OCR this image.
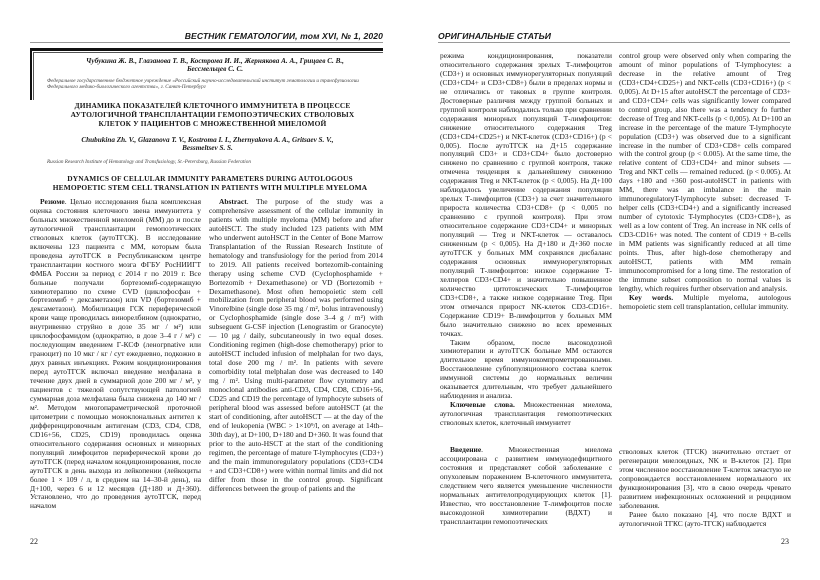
ВЕСТНИК ГЕМАТОЛОГИИ, том XVI, № 1, 2020
Чубукина Ж. В., Глазанова Т. В., Кострома И. И., Жернякова А. А., Грицаев С. В., Бессмельцев С. С.
Федеральное государственное бюджетное учреждение «Российский научно-исследовательский институт гематологии и трансфузиологии Федерального медико-биологического агентства», г. Санкт-Петербург
ДИНАМИКА ПОКАЗАТЕЛЕЙ КЛЕТОЧНОГО ИММУНИТЕТА В ПРОЦЕССЕ АУТОЛОГИЧНОЙ ТРАНСПЛАНТАЦИИ ГЕМОПОЭТИЧЕСКИХ СТВОЛОВЫХ КЛЕТОК У ПАЦИЕНТОВ С МНОЖЕСТВЕННОЙ МИЕЛОМОЙ
Chubukina Zh. V., Glazanova T. V., Kostroma I. I., Zhernyakova A. A., Gritsaev S. V., Bessmeltsev S. S.
Russian Research Institute of Hematology and Transfusiology, St.-Petersburg, Russian Federation
DYNAMICS OF CELLULAR IMMUNITY PARAMETERS DURING AUTOLOGOUS HEMOPOETIC STEM CELL TRANSLATION IN PATIENTS WITH MULTIPLE MYELOMA

Резюме. Целью исследования была комплексная оценка состояния клеточного звена иммунитета у больных множественной миеломой (ММ) до и после аутологичной трансплантации гемопоэтических стволовых клеток (аутоТГСК). В исследование включены 123 пациента с ММ, которым была проведена аутоТГСК в Республиканском центре трансплантации костного мозга ФГБУ РосНИИГТ ФМБА России за период с 2014 г по 2019 г. Все больные получали бортезомиб-содержащую химиотерапию по схеме CVD (циклофосфан + бортезомиб + дексаметазон) или VD (бортезомиб + дексаметазон). Мобилизация ГСК периферической крови чаще проводилась винорелбином (однократно, внутривенно струйно в дозе 35 мг / м²) или циклофосфамидом (однократно, в дозе 3–4 г / м²) с последующим введением Г-КСФ (леногрnative или граноцит) по 10 мкг / кг / сут ежедневно, подкожно в двух равных инъекциях. Режим кондиционирования перед аутоТГСК включал введение мелфалана в течение двух дней в суммарной дозе 200 мг / м², у пациентов с тяжелой сопутствующей патологией суммарная доза мелфалана была снижена до 140 мг / м². Методом многопараметрической проточной цитометрии с помощью моноклональных антител к дифференцировочным антигенам (CD3, CD4, CD8, CD16+56, CD25, CD19) проводилась оценка относительного содержания основных и минорных популяций лимфоцитов периферической крови до аутоТГСК (перед началом кондиционирования, после аутоТГСК в день выхода из лейкопении (лейкоциты более 1 × 109 / л, в среднем на 14–30-й день), на Д+100, через 6 и 12 месяцев (Д+180 и Д+360). Установлено, что до проведения аутоТГСК, перед началом

Abstract. The purpose of the study was a comprehensive assessment of the cellular immunity in patients with multiple myeloma (MM) before and after autoHSCT. The study included 123 patients with MM who underwent autoHSCT in the Center of Bone Marrow Transplantation of the Russian Research Institute of hematology and transfusiology for the period from 2014 to 2019. All patients received bortezomib-containing therapy using scheme CVD (Cyclophosphamide + Bortezomib + Dexamethasone) or VD (Bortezomib + Dexamethasone). Most often hemopoietic stem cell mobilization from peripheral blood was performed using Vinorelbine (single dose 35 mg / m², bolus intravenously) or Cyclophosphamide (single dose 3–4 g / m²) with subseguent G-CSF injection (Lenograstim or Granocyte) — 10 µg / daily, subcutaneously in two equal doses. Conditioning regimen (high-dose chemotherapy) prior to autoHSCT included infusion of melphalan for two days, total dose 200 mg / m². In patients with severe comorbidity total melphalan dose was decreased to 140 mg / m². Using multi-parameter flow cytometry and monoclonal antibodies anti-CD3, CD4, CD8, CD16+56, CD25 and CD19 the percentage of lymphocyte subsets of peripheral blood was assessed before autoHSCT (at the start of conditioning, after autoHSCT — at the day of the end of leukopenia (WBC > 1×10⁹/l, on average at 14th–30th day), at D+100, D+180 and D+360. It was found that prior to the auto-HSCT at the start of the conditioning regimen, the percentage of mature T-lymphocytes (CD3+) and the main immunoregulatory populations (CD3+CD4 + and CD3+CD8+) were within normal limits and did not differ from those in the control group. Significant differences between the group of patients and the

22
ОРИГИНАЛЬНЫЕ СТАТЬИ

режима кондиционирования, показатели относительного содержания зрелых Т-лимфоцитов (CD3+) и основных иммунорегуляторных популяций (CD3+CD4+ и CD3+CD8+) были в пределах нормы и не отличались от таковых в группе контроля. Достоверные различия между группой больных и группой контроля наблюдались только при сравнении содержания минорных популяций Т-лимфоцитов: снижение относительного содержания Treg (CD3+CD4+CD25+) и NKT-клеток (CD3+CD16+) (p < 0,005). После аутоТГСК на Д+15 содержание популяций CD3+ и CD3+CD4+ было достоверно снижено по сравнению с группой контроля, также отмечена тенденция к дальнейшему снижению содержания Treg и NKT-клеток (p < 0,005). На Д+100 наблюдалось увеличение содержания популяции зрелых Т-лимфоцитов (CD3+) за счет значительного прироста количества CD3+CD8+ (p < 0,005 по сравнению с группой контроля). При этом относительное содержание CD3+CD4+ и минорных популяций — Treg и NKT-клеток — оставалось сниженным (p < 0,005). На Д+180 и Д+360 после аутоТГСК у больных ММ сохранялся дисбаланс содержания основных иммунорегуляторных популяций Т-лимфоцитов: низкое содержание Т-хелперов CD3+CD4+ и значительно повышенное количество цитотоксических Т-лимфоцитов CD3+CD8+, а также низкое содержание Treg. При этом отмечался прирост NK-клеток CD3-CD16+. Содержание CD19+ В-лимфоцитов у больных ММ было значительно снижено во всех временных точках.

Таким образом, после высокодозной химиотерапии и аутоТГСК больные ММ остаются длительное время иммунокомпрометированными. Восстановление субпопуляционного состава клеток иммунной системы до нормальных величин оказывается длительным, что требует дальнейшего наблюдения и анализа.

Ключевые слова. Множественная миелома, аутологичная трансплантация гемопоэтических стволовых клеток, клеточный иммунитет

Введение. Множественная миелома ассоциирована с развитием иммунодефицитного состояния и представляет собой заболевание с опухолевым поражением В-клеточного иммунитета, следствием чего является уменьшение численности нормальных антителопродуцирующих клеток [1]. Известно, что восстановление Т-лимфоцитов после высокодозной химиотерапии (ВДХТ) и трансплантации гемопоэтических

control group were observed only when comparing the amount of minor populations of T-lymphocytes: a decrease in the relative amount of Treg (CD3+CD4+CD25+) and NKT-cells (CD3+CD16+) (p < 0,005). At D+15 after autoHSCT the percentage of CD3+ and CD3+CD4+ cells was significantly lower compared to control group, also there was a tendency fo further decrease of Treg and NKT-cells (p < 0,005). At D+100 an increase in the percentage of the mature T-lymphocyte population (CD3+) was observed due to a significant increase in the number of CD3+CD8+ cells compared with the control group (p < 0.005). At the same time, the relative content of CD3+CD4+ and minor subsets — Treg and NKT cells — remained reduced. (p < 0.005). At days +180 and +360 post-autoHSCT in patients with MM, there was an imbalance in the main immunoregulatoryT-lymphocyte subset: decreased T-helper cells (CD3+CD4+) and a significantly increased number of cytotoxic T-lymphocytes (CD3+CD8+), as well as a low content of Treg. An increase in NK cells of CD3-CD16+ was noted. The content of CD19 + B-cells in MM patients was significantly reduced at all time points. Thus, after high-dose chemotherapy and autoHSCT, patients with MM remain immunocompromised for a long time. The restoration of the immune subset composition to normal values is lengthy, which requires further observation and analysis.

Key words. Multiple myeloma, autologous hemopoietic stem cell transplantation, cellular immunity.

стволовых клеток (ТГСК) значительно отстает от регенерации миелоидных, NK и В-клеток [2]. При этом численное восстановление Т-клеток зачастую не сопровождается восстановлением нормального их функционирования [3], что в свою очередь чревато развитием инфекционных осложнений и рецидивом заболевания.

Ранее было показано [4], что после ВДХТ и аутологичной ТГКС (ауто-ТГСК) наблюдается

23
